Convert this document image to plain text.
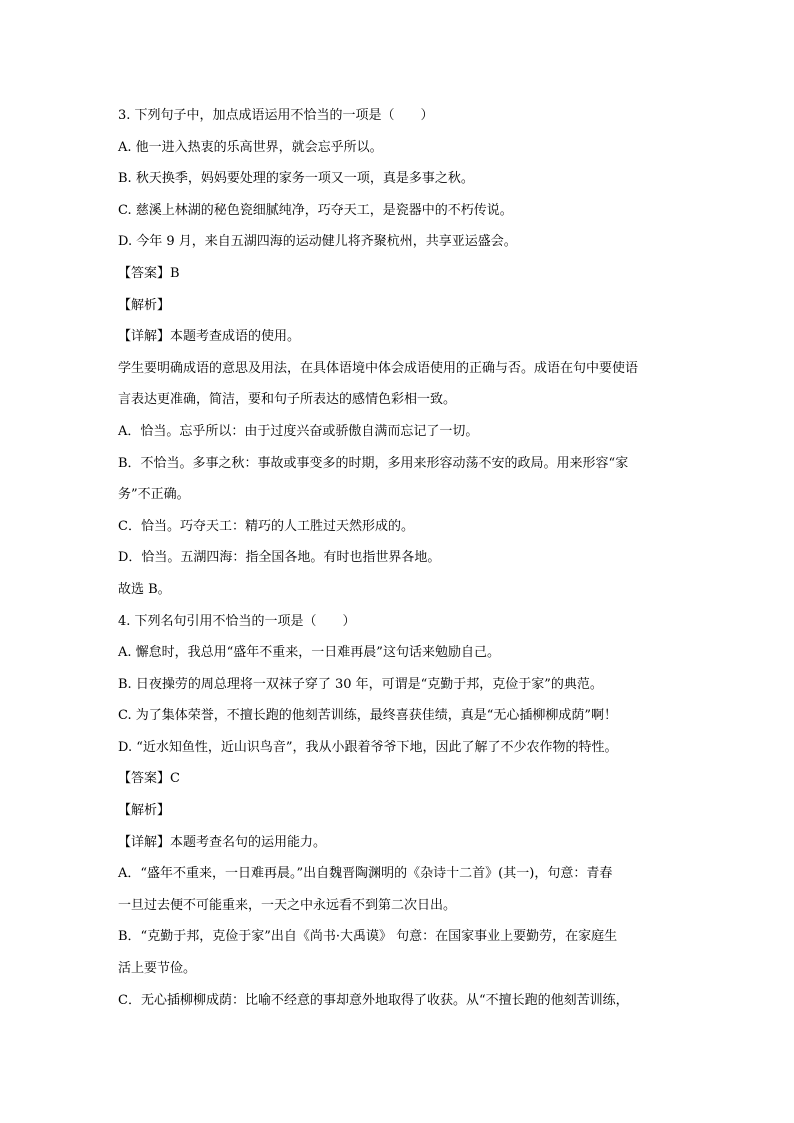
3. 下列句子中，加点成语运用不恰当的一项是（　　）
A. 他一进入热衷的乐高世界，就会忘乎所以。
B. 秋天换季，妈妈要处理的家务一项又一项，真是多事之秋。
C. 慈溪上林湖的秘色瓷细腻纯净，巧夺天工，是瓷器中的不朽传说。
D. 今年 9 月，来自五湖四海的运动健儿将齐聚杭州，共享亚运盛会。
【答案】B
【解析】
【详解】本题考查成语的使用。
学生要明确成语的意思及用法，在具体语境中体会成语使用的正确与否。成语在句中要使语
言表达更准确，简洁，要和句子所表达的感情色彩相一致。
A．恰当。忘乎所以：由于过度兴奋或骄傲自满而忘记了一切。
B．不恰当。多事之秋：事故或事变多的时期，多用来形容动荡不安的政局。用来形容“家
务”不正确。
C．恰当。巧夺天工：精巧的人工胜过天然形成的。
D．恰当。五湖四海：指全国各地。有时也指世界各地。
故选 B。
4. 下列名句引用不恰当的一项是（　　）
A. 懈怠时，我总用“盛年不重来，一日难再晨”这句话来勉励自己。
B. 日夜操劳的周总理将一双袜子穿了 30 年，可谓是“克勤于邦，克俭于家”的典范。
C. 为了集体荣誉，不擅长跑的他刻苦训练，最终喜获佳绩，真是“无心插柳柳成荫”啊！
D. “近水知鱼性，近山识鸟音”，我从小跟着爷爷下地，因此了解了不少农作物的特性。
【答案】C
【解析】
【详解】本题考查名句的运用能力。
A．“盛年不重来，一日难再晨。”出自魏晋陶渊明的《杂诗十二首》(其一)，句意：青春
一旦过去便不可能重来，一天之中永远看不到第二次日出。
B．“克勤于邦，克俭于家”出自《尚书·大禹谟》 句意：在国家事业上要勤劳，在家庭生
活上要节俭。
C．无心插柳柳成荫：比喻不经意的事却意外地取得了收获。从“不擅长跑的他刻苦训练，
